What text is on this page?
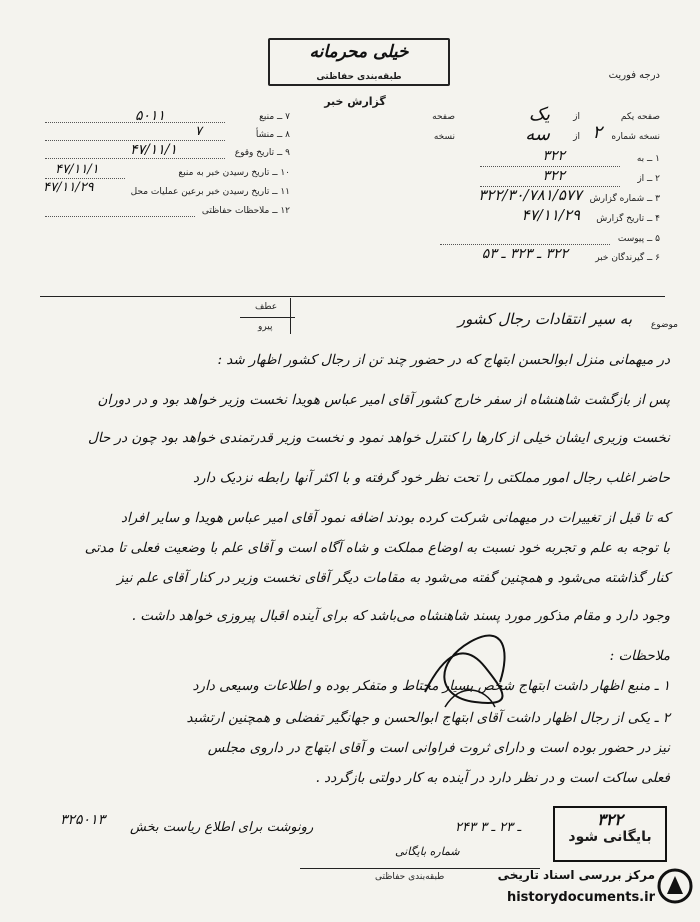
خیلی محرمانه
طبقه‌بندی حفاظتی	درجه فوریت
گزارش خبر
۷ ــ منبع
۵۰۱۱
۸ ــ منشأ
۷
۹ ــ تاریخ وقوع
۴۷/۱۱/۱
۱۰ ــ تاریخ رسیدن خبر به منبع
۴۷/۱۱/۱
۱۱ ــ تاریخ رسیدن خبر برعین عملیات محل
۴۷/۱۱/۲۹
۱۲ ــ ملاحظات حفاظتی
صفحه یکم
از
یک
صفحه
نسخه شماره
۲
از
سه
نسخه
۱ ــ به
۳۲۲
۲ ــ از
۳۲۲
۳ ــ شماره گزارش
۳۲۲/۳۰/۷۸۱/۵۷۷
۴ ــ تاریخ گزارش
۴۷/۱۱/۲۹
۵ ــ پیوست
۶ ــ گیرندگان خبر
۳۲۲ ـ ۳۲۳ ـ ۵۳
عطف
پیرو	موضوع
به سیر انتقادات رجال کشور
در میهمانی منزل ابوالحسن ابتهاج که در حضور چند تن از رجال کشور اظهار شد :
پس از بازگشت شاهنشاه از سفر خارج کشور آقای امیر عباس هویدا نخست وزیر خواهد بود و در دوران
نخست وزیری ایشان خیلی از کارها را کنترل خواهد نمود و نخست وزیر قدرتمندی خواهد بود چون در حال
حاضر اغلب رجال امور مملکتی را تحت نظر خود گرفته و با اکثر آنها رابطه نزدیک دارد
که تا قبل از تغییرات در میهمانی شرکت کرده بودند اضافه نمود آقای امیر عباس هویدا و سایر افراد
با توجه به علم و تجربه خود نسبت به اوضاع مملکت و شاه آگاه است و آقای علم با وضعیت فعلی تا مدتی
کنار گذاشته می‌شود و همچنین گفته می‌شود به مقامات دیگر آقای نخست وزیر در کنار آقای علم نیز
وجود دارد و مقام مذکور مورد پسند شاهنشاه می‌باشد که برای آینده اقبال پیروزی خواهد داشت .
ملاحظات :
۱ ـ منبع اظهار داشت ابتهاج شخص بسیار محتاط و متفکر بوده و اطلاعات وسیعی دارد
۲ ـ یکی از رجال اظهار داشت آقای ابتهاج ابوالحسن و جهانگیر تفضلی و همچنین ارتشبد
نیز در حضور بوده است و دارای ثروت فراوانی است و آقای ابتهاج در داروی مجلس
فعلی ساکت است و در نظر دارد در آینده به کار دولتی بازگردد .
رونوشت برای اطلاع ریاست بخش
۳۲۵۰۱۳	۲۴۳ ـ ۲۳ ـ ۳
شماره بایگانی
۳۲۲
بایگانی شود
طبقه‌بندی حفاظتی	مرکز بررسی اسناد تاریخی
historydocuments.ir
